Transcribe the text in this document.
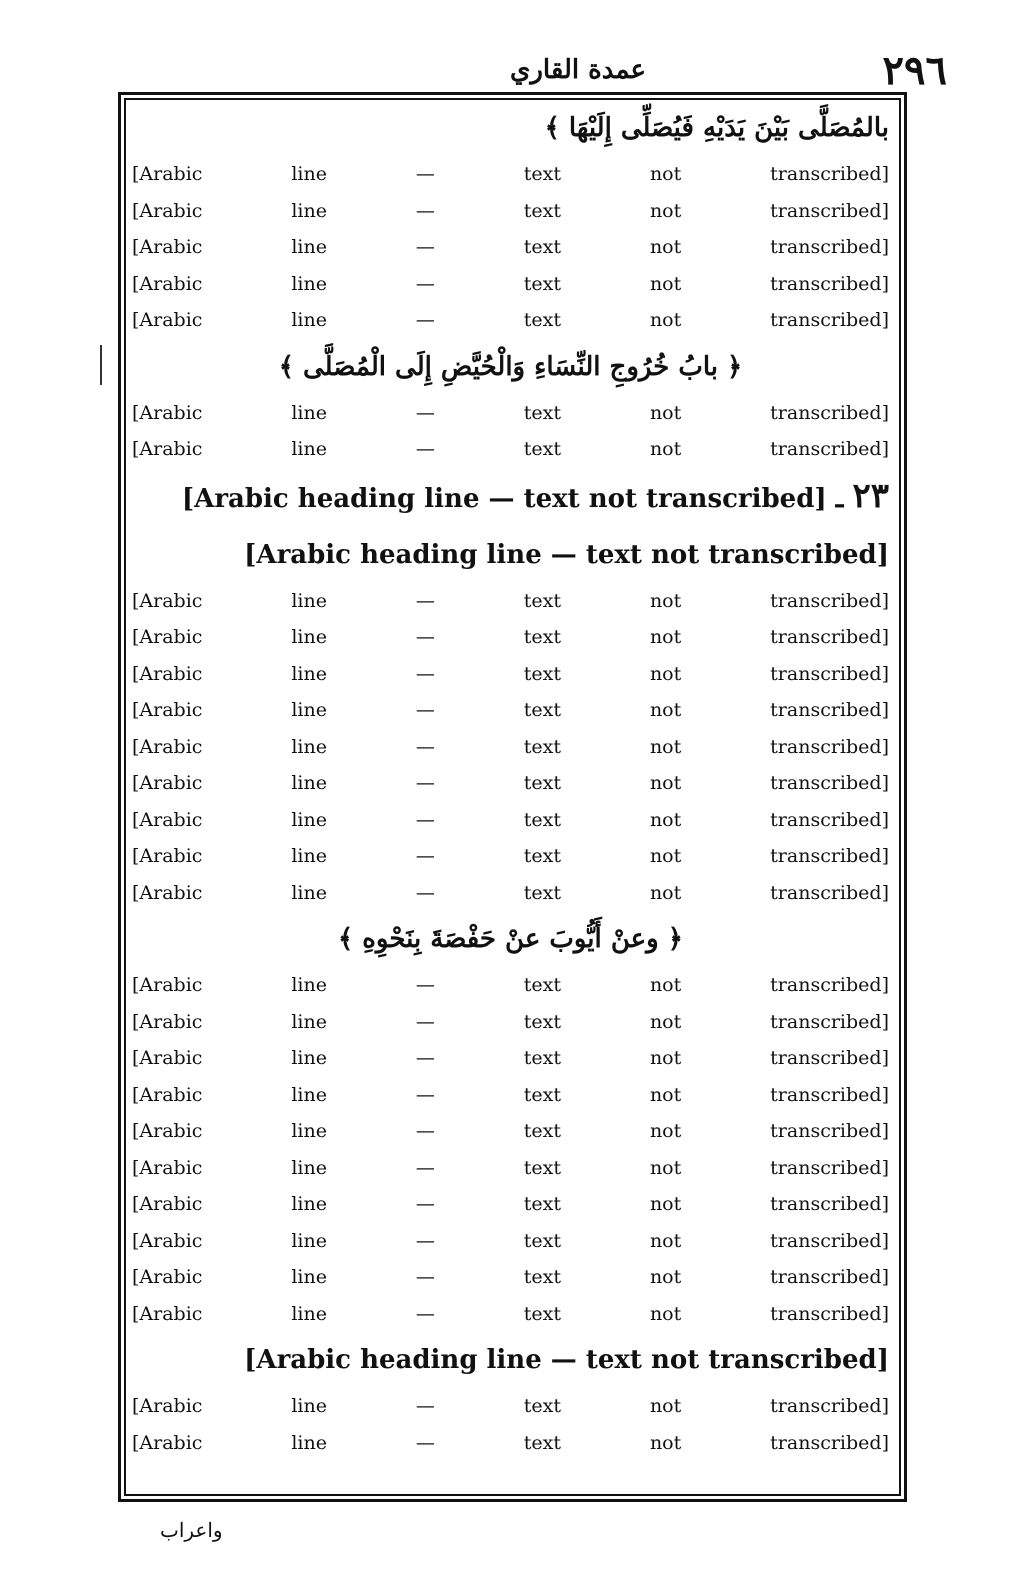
٢٩٦
عمدة القاري
بالمُصَلَّى بَيْنَ يَدَيْهِ فَيُصَلِّى إِلَيْهَا ﴾
[Arabic line — text not transcribed]
[Arabic line — text not transcribed]
[Arabic line — text not transcribed]
[Arabic line — text not transcribed]
[Arabic line — text not transcribed]
﴿ بابُ خُرُوجِ النِّسَاءِ وَالْحُيَّضِ إِلَى الْمُصَلَّى ﴾
[Arabic line — text not transcribed]
[Arabic line — text not transcribed]
٢٣ ـ [Arabic heading line — text not transcribed]
[Arabic heading line — text not transcribed]
[Arabic line — text not transcribed]
[Arabic line — text not transcribed]
[Arabic line — text not transcribed]
[Arabic line — text not transcribed]
[Arabic line — text not transcribed]
[Arabic line — text not transcribed]
[Arabic line — text not transcribed]
[Arabic line — text not transcribed]
[Arabic line — text not transcribed]
﴿ وعنْ أَيُّوبَ عنْ حَفْصَةَ بِنَحْوِهِ ﴾
[Arabic line — text not transcribed]
[Arabic line — text not transcribed]
[Arabic line — text not transcribed]
[Arabic line — text not transcribed]
[Arabic line — text not transcribed]
[Arabic line — text not transcribed]
[Arabic line — text not transcribed]
[Arabic line — text not transcribed]
[Arabic line — text not transcribed]
[Arabic line — text not transcribed]
[Arabic heading line — text not transcribed]
[Arabic line — text not transcribed]
[Arabic line — text not transcribed]
واعراب
